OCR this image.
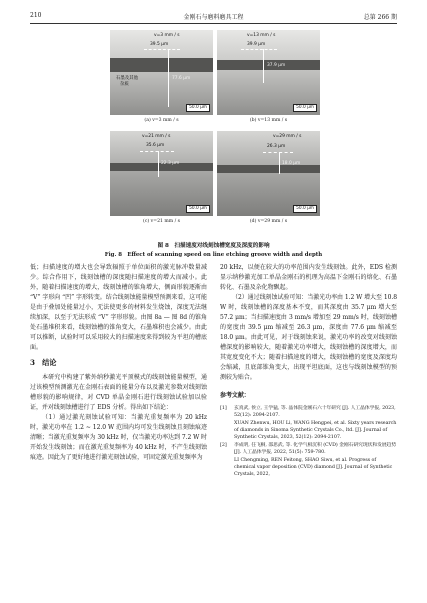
210	金刚石与磨料磨具工程	总第 266 期
v=3 mm / s
39.5 μm
77.6 μm
石墨及其他
杂质
50.0 μm
(a) v=3 mm / s
v=13 mm / s
39.9 μm
37.9 μm
50.0 μm
(b) v=13 mm / s
v=21 mm / s
35.6 μm
22.3 μm
50.0 μm
(c) v=21 mm / s
v=29 mm / s
26.3 μm
18.0 μm
50.0 μm
(d) v=29 mm / s
图 8　扫描速度对线刻蚀槽宽度及深度的影响
Fig. 8　Effect of scanning speed on line etching groove width and depth

低；扫描速度的增大也会导致辐照于单位面积的激光脉冲数量减少。综合作用下，线刻蚀槽的深度随扫描速度的增大而减小。此外，随着扫描速度的增大，线刻蚀槽的锥角增大，侧面形貌逐渐由 “V” 字形向 “凹” 字形转变。结合线刻蚀能量模型预测来看，这可能是由于叠加处能量过小，无法使更多的材料发生烧蚀，深度无法继续加深，以至于无法形成 “V” 字形形貌。由图 8a — 图 8d 的锥角处石墨堆积来看，线刻蚀槽的锥角变大，石墨堆积也会减少。由此可以推断，试验时可以采用较大的扫描速度来得到较为平坦的槽底面。

3　结论

本研究中构建了紫外纳秒激光平顶模式的线刻蚀能量模型，通过该模型预测激光在金刚石表面的能量分布以及激光参数对线刻蚀槽形貌的影响规律，对 CVD 单晶金刚石进行线刻蚀试验加以验证，并对线刻蚀槽进行了 EDS 分析。得出如下结论：

（1）通过激光刻蚀试验可知：当激光重复频率为 20 kHz 时，激光功率在 1.2 ~ 12.0 W 范围内均可发生线刻蚀且刻蚀痕迹清晰；当激光重复频率为 30 kHz 时，仅当激光功率达到 7.2 W 时开始发生线刻蚀；而在激光重复频率为 40 kHz 时，不产生线刻蚀痕迹。因此为了更好地进行激光刻蚀试验，可固定激光重复频率为

20 kHz，以便在较大的功率范围内发生线刻蚀。此外，EDS 检测显示纳秒激光加工单晶金刚石的机理为高温下金刚石的熔化、石墨转化、石墨及杂化物飘起。

（2）通过线刻蚀试验可知：当激光功率由 1.2 W 增大至 10.8 W 时，线刻蚀槽的深度基本不变，而其深度由 35.7 μm 增大至 57.2 μm；当扫描速度由 3 mm/s 增加至 29 mm/s 时，线刻蚀槽的宽度由 39.5 μm 缩减至 26.3 μm，深度由 77.6 μm 缩减至 18.0 μm。由此可见，对于线刻蚀来说，激光功率的改变对线刻蚀槽深度的影响较大，随着激光功率增大，线刻蚀槽的深度增大，而其宽度变化不大；随着扫描速度的增大，线刻蚀槽的宽度及深度均会缩减，且底部锥角变大，出现平坦底面，这也与线刻蚀模型的预测较为贴合。

参考文献：
[1]	玄真武, 侯立, 王学猛, 等. 晶体院金刚石六十年研究 [J]. 人工晶体学报, 2023, 52(12): 2094-2107.
XUAN Zhenwu, HOU Li, WANG Hengpei, et al. Sixty years research of diamonds in Sinoma Synthetic Crystals Co., ltd. [J]. Journal of Synthetic Crystals, 2023, 52(12): 2094-2107.
[2]	李成明, 任飞桐, 邵思武, 等. 化学气相沉积 (CVD) 金刚石研究现状和发展趋势 [J]. 人工晶体学报, 2022, 51(5): 759-780.
LI Chengming, REN Feitong, SHAO Siwu, et al. Progress of chemical vapor deposition (CVD) diamond [J]. Journal of Synthetic Crystals, 2022,
